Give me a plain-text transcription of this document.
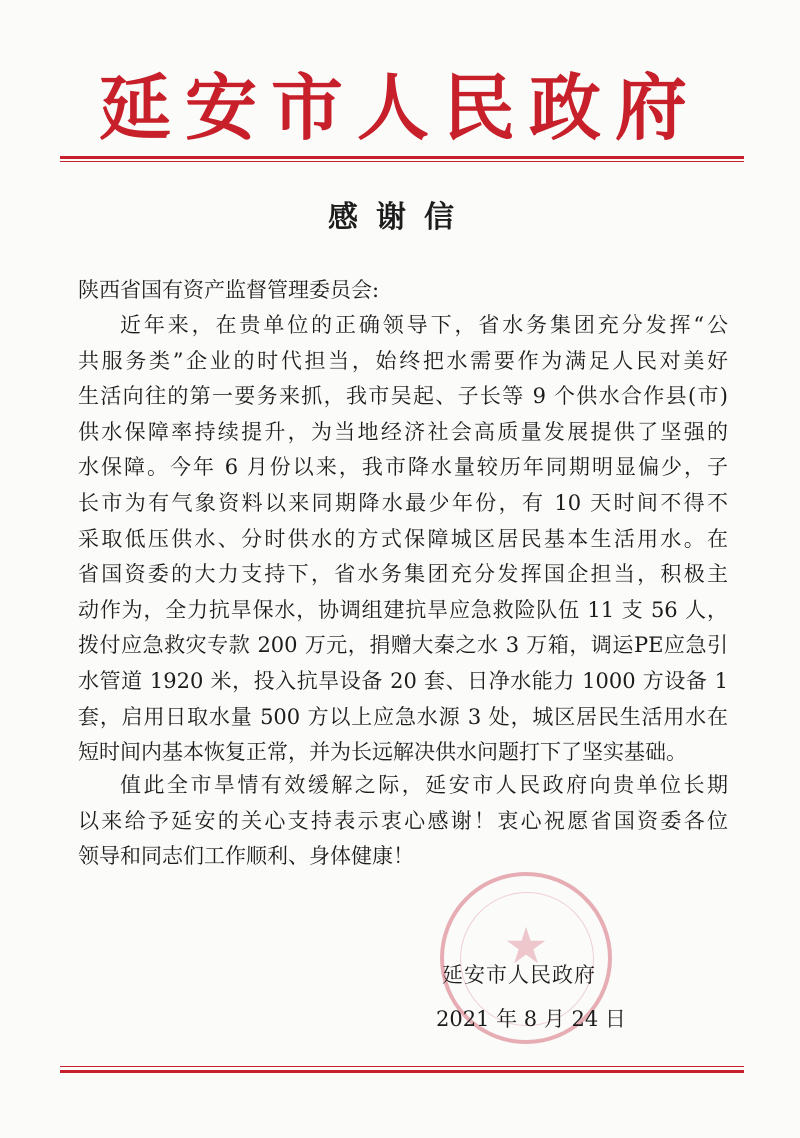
延安市人民政府
感谢信
陕西省国有资产监督管理委员会:
近年来，在贵单位的正确领导下，省水务集团充分发挥“公
共服务类”企业的时代担当，始终把水需要作为满足人民对美好
生活向往的第一要务来抓，我市吴起、子长等 9 个供水合作县(市)
供水保障率持续提升，为当地经济社会高质量发展提供了坚强的
水保障。今年 6 月份以来，我市降水量较历年同期明显偏少，子
长市为有气象资料以来同期降水最少年份，有 10 天时间不得不
采取低压供水、分时供水的方式保障城区居民基本生活用水。在
省国资委的大力支持下，省水务集团充分发挥国企担当，积极主
动作为，全力抗旱保水，协调组建抗旱应急救险队伍 11 支 56 人，
拨付应急救灾专款 200 万元，捐赠大秦之水 3 万箱，调运PE应急引
水管道 1920 米，投入抗旱设备 20 套、日净水能力 1000 方设备 1
套，启用日取水量 500 方以上应急水源 3 处，城区居民生活用水在
短时间内基本恢复正常，并为长远解决供水问题打下了坚实基础。
值此全市旱情有效缓解之际，延安市人民政府向贵单位长期
以来给予延安的关心支持表示衷心感谢！衷心祝愿省国资委各位
领导和同志们工作顺利、身体健康！
★
延安市人民政府
2021 年 8 月 24 日
